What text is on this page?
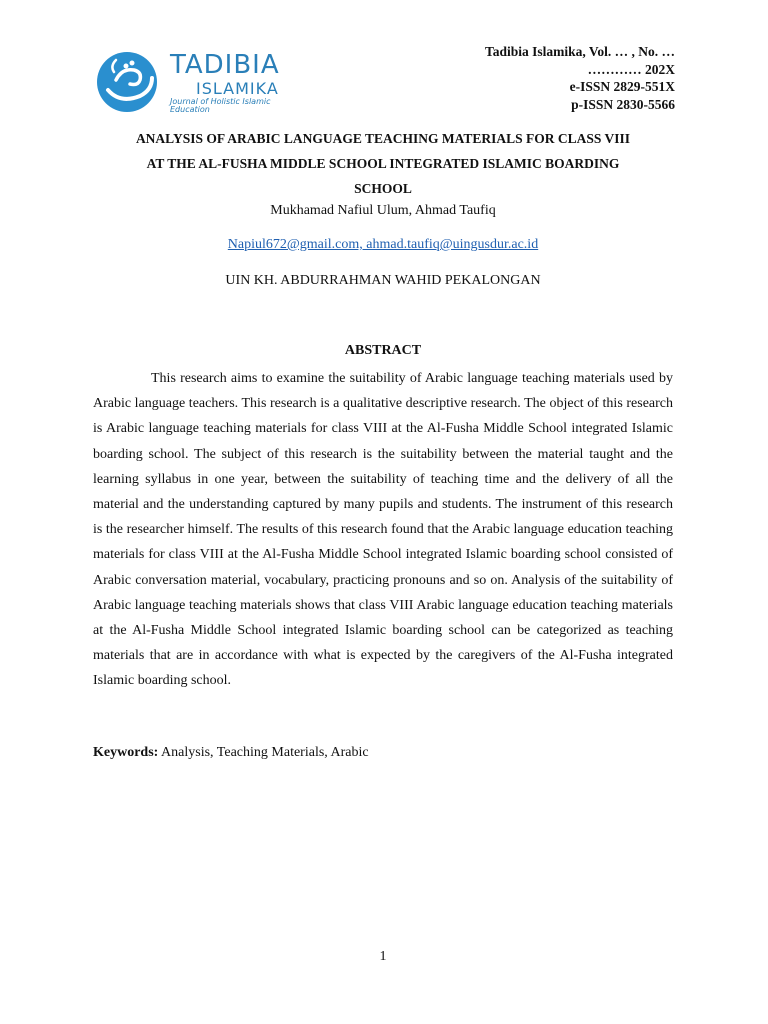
TADIBIA
ISLAMIKA
Journal of Holistic Islamic Education
Tadibia Islamika, Vol. … , No. …
………… 202X
e-ISSN 2829-551X
p-ISSN 2830-5566
ANALYSIS OF ARABIC LANGUAGE TEACHING MATERIALS FOR CLASS VIII
AT THE AL-FUSHA MIDDLE SCHOOL INTEGRATED ISLAMIC BOARDING
SCHOOL
Mukhamad Nafiul Ulum, Ahmad Taufiq
Napiul672@gmail.com, ahmad.taufiq@uingusdur.ac.id
UIN KH. ABDURRAHMAN WAHID PEKALONGAN
ABSTRACT

This research aims to examine the suitability of Arabic language teaching materials used by Arabic language teachers. This research is a qualitative descriptive research. The object of this research is Arabic language teaching materials for class VIII at the Al-Fusha Middle School integrated Islamic boarding school. The subject of this research is the suitability between the material taught and the learning syllabus in one year, between the suitability of teaching time and the delivery of all the material and the understanding captured by many pupils and students. The instrument of this research is the researcher himself. The results of this research found that the Arabic language education teaching materials for class VIII at the Al-Fusha Middle School integrated Islamic boarding school consisted of Arabic conversation material, vocabulary, practicing pronouns and so on. Analysis of the suitability of Arabic language teaching materials shows that class VIII Arabic language education teaching materials at the Al-Fusha Middle School integrated Islamic boarding school can be categorized as teaching materials that are in accordance with what is expected by the caregivers of the Al-Fusha integrated Islamic boarding school.

Keywords: Analysis, Teaching Materials, Arabic
1
